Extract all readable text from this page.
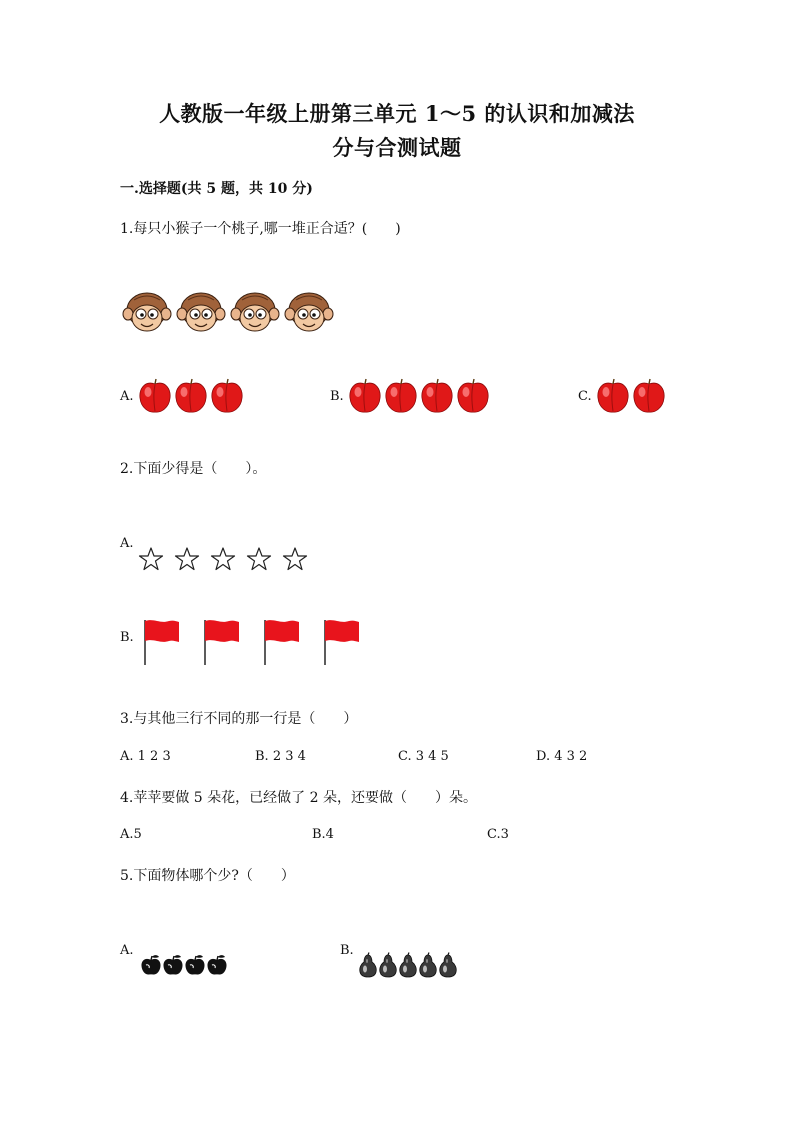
人教版一年级上册第三单元 1～5 的认识和加减法
分与合测试题
一.选择题(共 5 题，共 10 分)
1.每只小猴子一个桃子,哪一堆正合适？(　　)
A.	B.	C.
2.下面少得是（　　）。
A.
B.
3.与其他三行不同的那一行是（　　）
A. 1 2 3	B. 2 3 4	C. 3 4 5	D. 4 3 2
4.苹苹要做 5 朵花，已经做了 2 朵，还要做（　　）朵。
A.5	B.4	C.3
5.下面物体哪个少?（　　）
A.	B.
